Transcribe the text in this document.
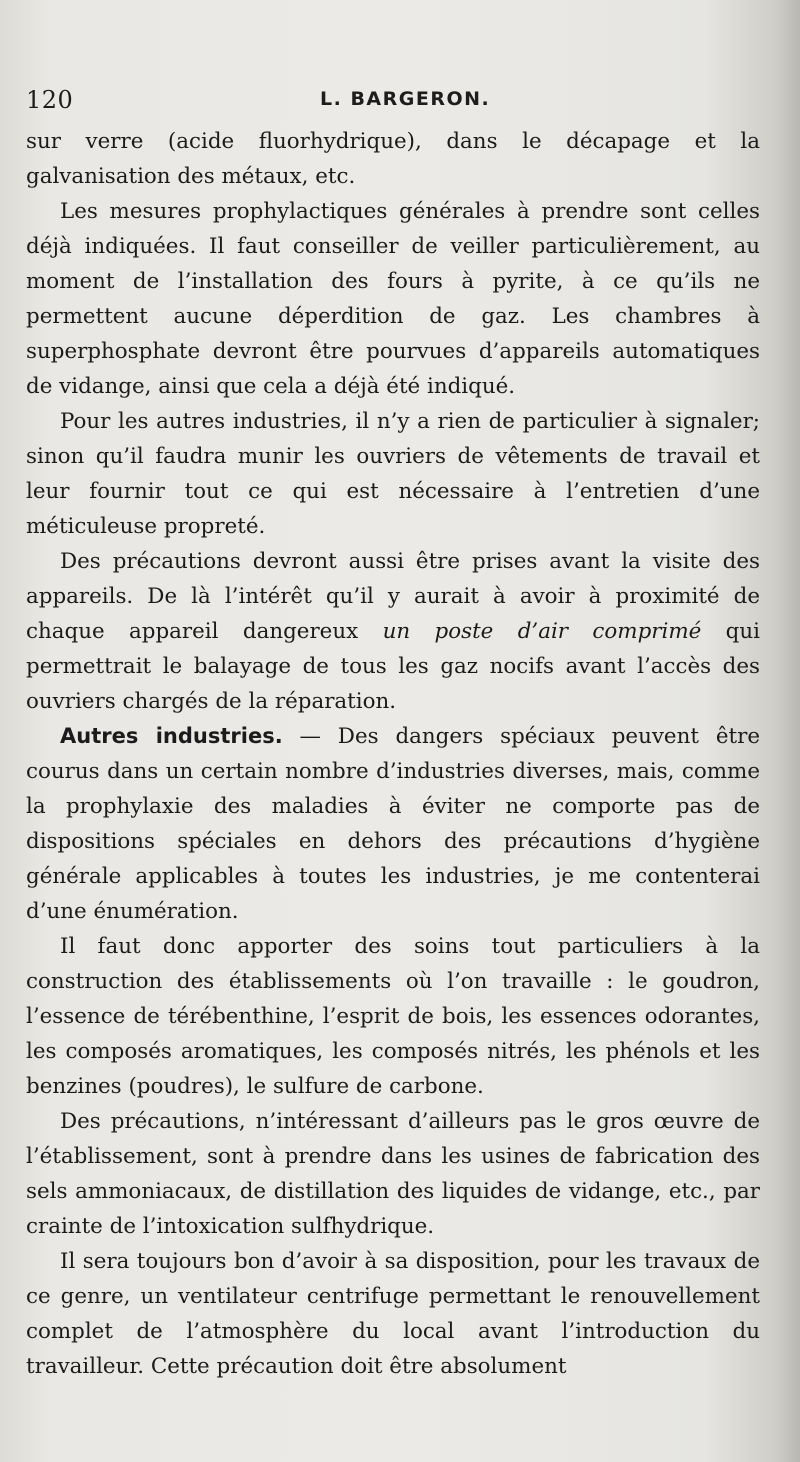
120	L. BARGERON.

sur verre (acide fluorhydrique), dans le décapage et la galvanisation des métaux, etc.

Les mesures prophylactiques générales à prendre sont celles déjà indiquées. Il faut conseiller de veiller particulièrement, au moment de l’installation des fours à pyrite, à ce qu’ils ne permettent aucune déperdition de gaz. Les chambres à superphosphate devront être pourvues d’appareils automatiques de vidange, ainsi que cela a déjà été indiqué.

Pour les autres industries, il n’y a rien de particulier à signaler; sinon qu’il faudra munir les ouvriers de vêtements de travail et leur fournir tout ce qui est nécessaire à l’entretien d’une méticuleuse propreté.

Des précautions devront aussi être prises avant la visite des appareils. De là l’intérêt qu’il y aurait à avoir à proximité de chaque appareil dangereux un poste d’air comprimé qui permettrait le balayage de tous les gaz nocifs avant l’accès des ouvriers chargés de la réparation.

Autres industries. — Des dangers spéciaux peuvent être courus dans un certain nombre d’industries diverses, mais, comme la prophylaxie des maladies à éviter ne comporte pas de dispositions spéciales en dehors des précautions d’hygiène générale applicables à toutes les industries, je me contenterai d’une énumération.

Il faut donc apporter des soins tout particuliers à la construction des établissements où l’on travaille : le goudron, l’essence de térébenthine, l’esprit de bois, les essences odorantes, les composés aromatiques, les composés nitrés, les phénols et les benzines (poudres), le sulfure de carbone.

Des précautions, n’intéressant d’ailleurs pas le gros œuvre de l’établissement, sont à prendre dans les usines de fabrication des sels ammoniacaux, de distillation des liquides de vidange, etc., par crainte de l’intoxication sulfhydrique.

Il sera toujours bon d’avoir à sa disposition, pour les travaux de ce genre, un ventilateur centrifuge permettant le renouvellement complet de l’atmosphère du local avant l’introduction du travailleur. Cette précaution doit être absolument
